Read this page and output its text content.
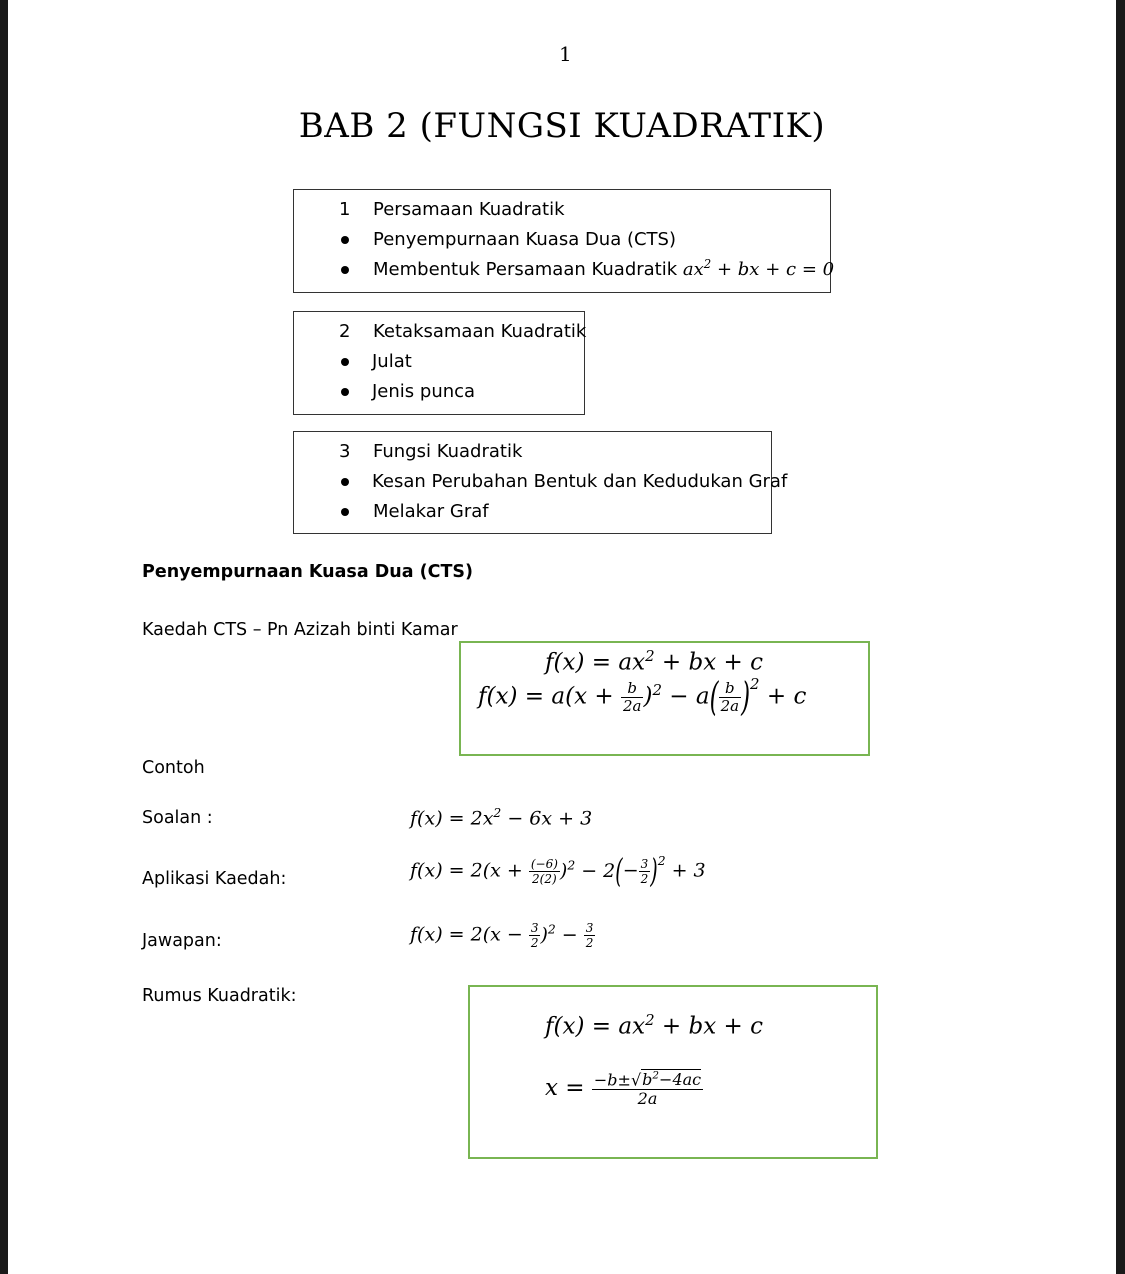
1
BAB 2 (FUNGSI KUADRATIK)
1 Persamaan Kuadratik
Penyempurnaan Kuasa Dua (CTS)
Membentuk Persamaan Kuadratik $ax^2$ + bx + c = 0
2 Ketaksamaan Kuadratik
Julat
Jenis punca
3 Fungsi Kuadratik
Kesan Perubahan Bentuk dan Kedudukan Graf
Melakar Graf
Penyempurnaan Kuasa Dua (CTS)
Kaedah CTS – Pn Azizah binti Kamar
$f(x) = ax^2$ + bx + c
$f(x) = a(x + \frac{b}{2a} )^2 - a( \frac{b}{2a} )^2 + c$
Contoh
Soalan :	$f(x) = 2x^2 - 6x + 3$
Aplikasi Kaedah:	$f(x) = 2(x + \frac{(-6)}{2(2)} )^2 - 2(- \frac{3}{2} )^2 + 3$
Jawapan:	$f(x) = 2(x - \frac{3}{2} )^2 - \frac{3}{2}$
Rumus Kuadratik:
$f(x) = ax^2$ + bx + c
$x = \frac{-b\pm√b^2-4ac}{2a}$
